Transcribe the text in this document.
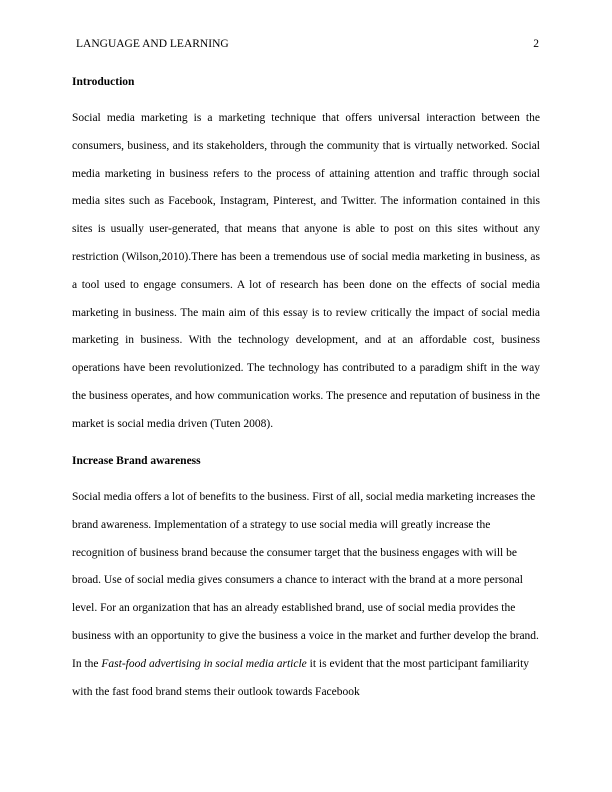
LANGUAGE AND LEARNING	2
Introduction

Social media marketing is a marketing technique that offers universal interaction between the consumers, business, and its stakeholders, through the community that is virtually networked. Social media marketing in business refers to the process of attaining attention and traffic through social media sites such as Facebook, Instagram, Pinterest, and Twitter. The information contained in this sites is usually user-generated, that means that anyone is able to post on this sites without any restriction (Wilson,2010).There has been a tremendous use of social media marketing in business, as a tool used to engage consumers. A lot of research has been done on the effects of social media marketing in business. The main aim of this essay is to review critically the impact of social media marketing in business. With the technology development, and at an affordable cost, business operations have been revolutionized. The technology has contributed to a paradigm shift in the way the business operates, and how communication works. The presence and reputation of business in the market is social media driven (Tuten 2008).

Increase Brand awareness

Social media offers a lot of benefits to the business. First of all, social media marketing increases the brand awareness. Implementation of a strategy to use social media will greatly increase the recognition of business brand because the consumer target that the business engages with will be broad. Use of social media gives consumers a chance to interact with the brand at a more personal level. For an organization that has an already established brand, use of social media provides the business with an opportunity to give the business a voice in the market and further develop the brand. In the Fast-food advertising in social media article it is evident that the most participant familiarity with the fast food brand stems their outlook towards Facebook
